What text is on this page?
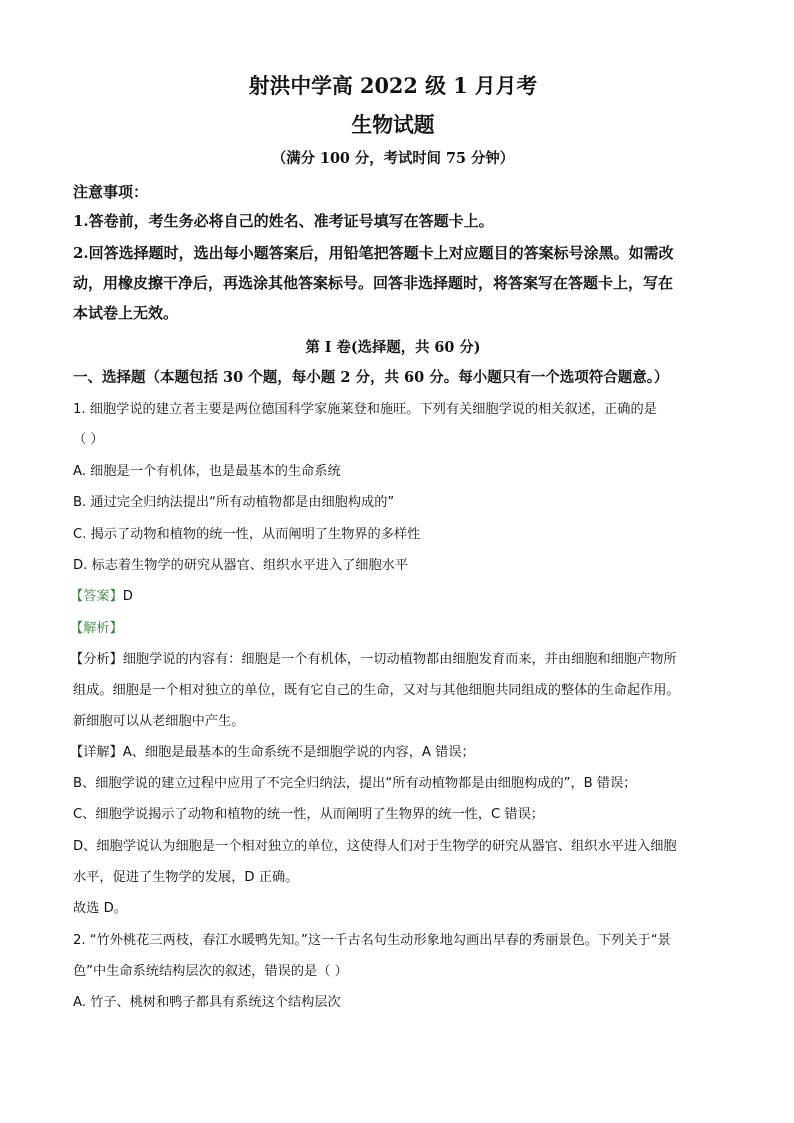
射洪中学高 2022 级 1 月月考
生物试题
（满分 100 分，考试时间 75 分钟）
注意事项：
1.答卷前，考生务必将自己的姓名、准考证号填写在答题卡上。
2.回答选择题时，选出每小题答案后，用铅笔把答题卡上对应题目的答案标号涂黑。如需改
动，用橡皮擦干净后，再选涂其他答案标号。回答非选择题时，将答案写在答题卡上，写在
本试卷上无效。
第 I 卷(选择题，共 60 分)
一、选择题（本题包括 30 个题，每小题 2 分，共 60 分。每小题只有一个选项符合题意。）
1. 细胞学说的建立者主要是两位德国科学家施莱登和施旺。下列有关细胞学说的相关叙述，正确的是
（ ）
A. 细胞是一个有机体，也是最基本的生命系统
B. 通过完全归纳法提出“所有动植物都是由细胞构成的”
C. 揭示了动物和植物的统一性，从而阐明了生物界的多样性
D. 标志着生物学的研究从器官、组织水平进入了细胞水平
【答案】D
【解析】
【分析】细胞学说的内容有：细胞是一个有机体，一切动植物都由细胞发育而来，并由细胞和细胞产物所
组成。细胞是一个相对独立的单位，既有它自己的生命，又对与其他细胞共同组成的整体的生命起作用。
新细胞可以从老细胞中产生。
【详解】A、细胞是最基本的生命系统不是细胞学说的内容，A 错误；
B、细胞学说的建立过程中应用了不完全归纳法，提出“所有动植物都是由细胞构成的”，B 错误；
C、细胞学说揭示了动物和植物的统一性，从而阐明了生物界的统一性，C 错误；
D、细胞学说认为细胞是一个相对独立的单位，这使得人们对于生物学的研究从器官、组织水平进入细胞
水平，促进了生物学的发展，D 正确。
故选 D。
2. “竹外桃花三两枝，春江水暖鸭先知。”这一千古名句生动形象地勾画出早春的秀丽景色。下列关于“景
色”中生命系统结构层次的叙述，错误的是（ ）
A. 竹子、桃树和鸭子都具有系统这个结构层次
